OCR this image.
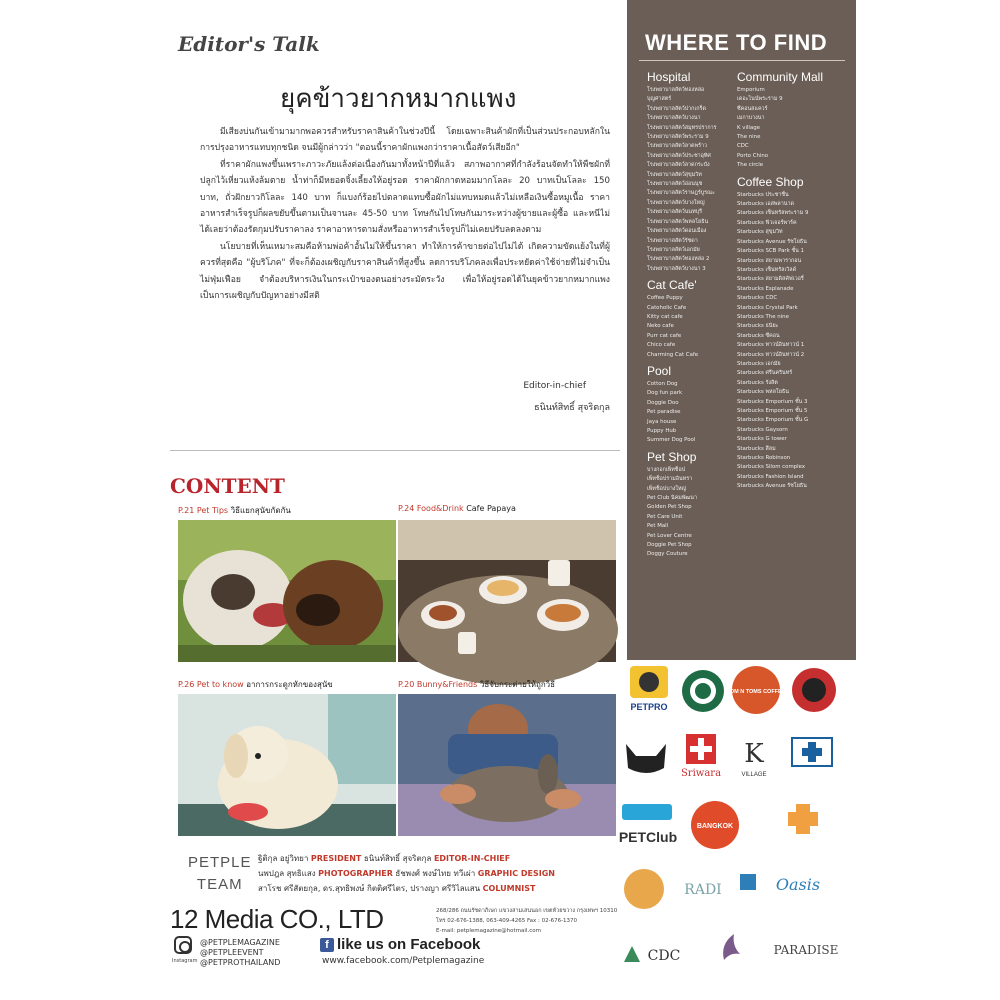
Editor's Talk
ยุคข้าวยากหมากแพง

มีเสียงบ่นกันเข้ามามากพอควรสำหรับราคาสินค้าในช่วงปีนี้ โดยเฉพาะสินค้าผักที่เป็นส่วนประกอบหลักในการปรุงอาหารแทบทุกชนิด จนมีผู้กล่าวว่า "ตอนนี้ราคาผักแพงกว่าราคาเนื้อสัตว์เสียอีก"

ที่ราคาผักแพงขึ้นเพราะภาวะภัยแล้งต่อเนื่องกันมาทั้งหน้าปีที่แล้ว สภาพอากาศที่กำลังร้อนจัดทำให้พืชผักที่ปลูกไว้เหี่ยวแห้งล้มตาย น้ำท่าก็มีหยอดจิ้งเลี้ยงให้อยู่รอด ราคาผักกาดหอมมากโลละ 20 บาทเป็นโลละ 150 บาท, ถั่วฝักยาวกิโลละ 140 บาท ก็แบงก์ร้อยไปตลาดแทบซื้อผักไม่แทบหมดแล้วไม่เหลือเงินซื้อหมูเนื้อ ราคาอาหารสำเร็จรูปก็ผลขยับขึ้นตามเป็นจานละ 45-50 บาท โทษกันไปโทษกันมาระหว่างผู้ขายและผู้ซื้อ และหนีไม่ได้เลยว่าต้องรัดกุมปรับราคาลง ราคาอาหารตามสั่งหรืออาหารสำเร็จรูปก็ไม่เคยปรับลดลงตาม

นโยบายที่เห็นเหมาะสมคือห้ามพ่อค้าอั้นไม่ให้ขึ้นราคา ทำให้การค้าขายต่อไปไม่ได้ เกิดความขัดแย้งในที่ผู้ควรที่สุดคือ "ผู้บริโภค" ที่จะก็ต้องเผชิญกับราคาสินค้าที่สูงขึ้น ลดการบริโภคลงเพื่อประหยัดค่าใช้จ่ายที่ไม่จำเป็น ไม่ฟุ่มเฟือย จำต้องบริหารเงินในกระเป๋าของตนอย่างระมัดระวัง เพื่อให้อยู่รอดได้ในยุคข้าวยากหมากแพง เป็นการเผชิญกับปัญหาอย่างมีสติ

Editor-in-chief
ธนินท์สิทธิ์ สุจริตกุล
CONTENT
P.21 Pet Tips วิธีแยกสุนัขกัดกัน	P.24 Food&Drink Cafe Papaya
P.26 Pet to know อาการกระดูกหักของสุนัข	P.20 Bunny&Friends วิธีจับกระต่ายให้ถูกวิธี
PETPLE
TEAM
ฐิติกุล อยู่วิทยา PRESIDENT ธนินท์สิทธิ์ สุจริตกุล EDITOR-IN-CHIEF
นพปฎล สุทธิแสง PHOTOGRAPHER ธัชพงศ์ พงษ์ไทย ทวีเผ่า GRAPHIC DESIGN
สาโรช ศรีสัตยกุล, ดร.สุทธิพงษ์ กิตติศรีไตร, ปรางญา ศรีวิไลแสน COLUMNIST
12 Media CO., LTD	268/286 ถนนรัชดาภิเษก แขวงสามเสนนอก เขตห้วยขวาง กรุงเทพฯ 10310
โทร 02-676-1388, 063-409-4265 Fax : 02-676-1370
E-mail: petplemagazine@hotmail.com
Instagram
@PETPLEMAGAZINE
@PETPLEEVENT
@PETPROTHAILAND
f like us on Facebook
www.facebook.com/Petplemagazine
WHERE TO FIND
Hospital
โรงพยาบาลสัตว์ทองหล่อ
บุญศาสตร์
โรงพยาบาลสัตว์ปากเกร็ด
โรงพยาบาลสัตว์บางนา
โรงพยาบาลสัตว์สมุทรปราการ
โรงพยาบาลสัตว์พระราม 9
โรงพยาบาลสัตว์ลาดพร้าว
โรงพยาบาลสัตว์ประชาอุทิศ
โรงพยาบาลสัตว์ลาดกระบัง
โรงพยาบาลสัตว์สุขุมวิท
โรงพยาบาลสัตว์อ่อนนุช
โรงพยาบาลสัตว์ราษฎร์บูรณะ
โรงพยาบาลสัตว์บางใหญ่
โรงพยาบาลสัตว์นนทบุรี
โรงพยาบาลสัตว์พหลโยธิน
โรงพยาบาลสัตว์ดอนเมือง
โรงพยาบาลสัตว์รัชดา
โรงพยาบาลสัตว์เอกมัย
โรงพยาบาลสัตว์ทองหล่อ 2
โรงพยาบาลสัตว์บางนา 3
Cat Cafe'
Coffee Puppy
Catoholic Cafe
Kitty cat cafe
Neko cafe
Purr cat cafe
Chico cafe
Charming Cat Cafe
Pool
Cotton Dog
Dog fun park
Doggie Doo
Pet paradise
Jaya house
Puppy Hub
Summer Dog Pool
Pet Shop
บางกอกเพ็ทช็อป
เพ็ทช็อปรามอินทรา
เพ็ทช็อปบางใหญ่
Pet Club นิคมพัฒนา
Golden Pet Shop
Pet Care Unit
Pet Mall
Pet Lover Centre
Doggie Pet Shop
Doggy Couture
Community Mall
Emporium
เดอะไนน์พระราม 9
ซีคอนสแควร์
เมกาบางนา
K village
The nine
CDC
Porto Chino
The circle
Coffee Shop
Starbucks ประชาชื่น
Starbucks เอสพลานาด
Starbucks เซ็นทรัลพระราม 9
Starbucks ฟิวเจอร์พาร์ค
Starbucks สุขุมวิท
Starbucks Avenue รัชโยธิน
Starbucks SCB Park ชั้น 1
Starbucks สยามพารากอน
Starbucks เซ็นทรัลเวิลด์
Starbucks สยามดิสคัฟเวอรี่
Starbucks Esplanade
Starbucks CDC
Starbucks Crystal Park
Starbucks The nine
Starbucks ธนิยะ
Starbucks ซีคอน
Starbucks ทาวน์อินทาวน์ 1
Starbucks ทาวน์อินทาวน์ 2
Starbucks เอกมัย
Starbucks ศรีนครินทร์
Starbucks รังสิต
Starbucks พหลโยธิน
Starbucks Emporium ชั้น 3
Starbucks Emporium ชั้น 5
Starbucks Emporium ชั้น G
Starbucks Gaysorn
Starbucks G tower
Starbucks สีลม
Starbucks Robinson
Starbucks Silom complex
Starbucks Fashion Island
Starbucks Avenue รัชโยธิน
PETPRO
TOM N TOMS COFFEE
Sriwara
K
VILLAGE
PETClub
BANGKOK
RADI	Oasis
CDC	PARADISE
